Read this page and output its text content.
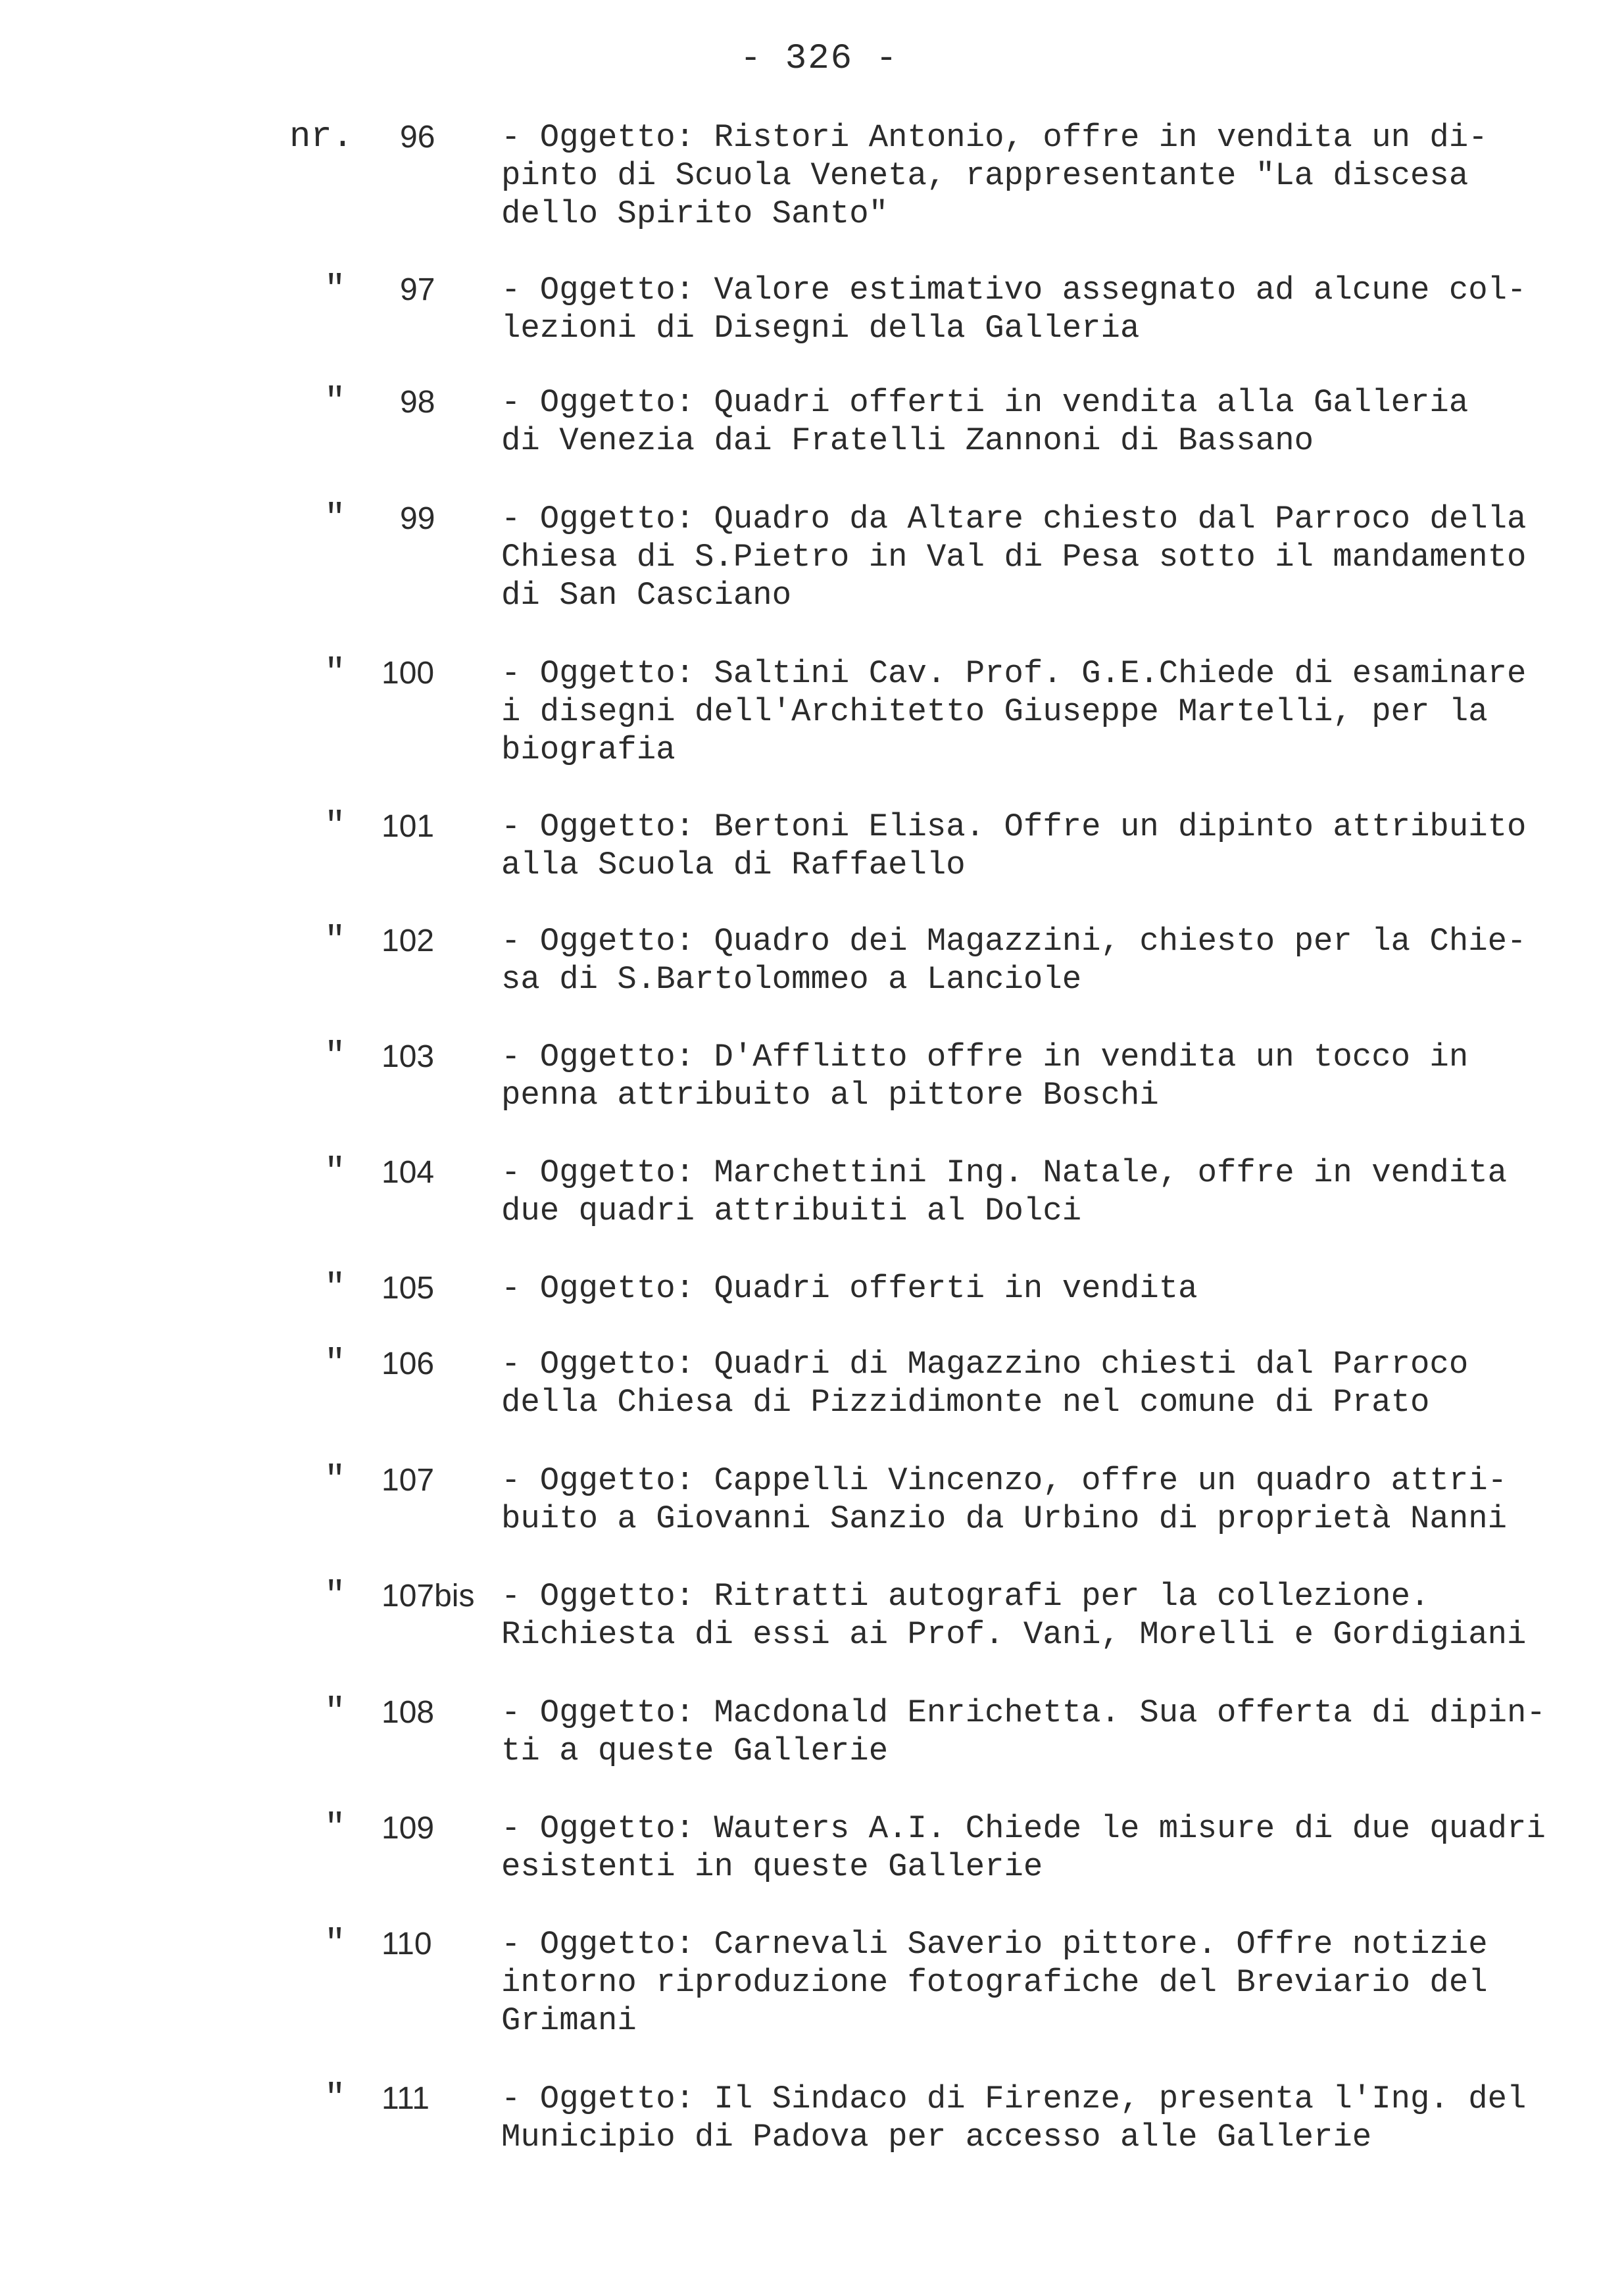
- 326 -
nr.	96 - Oggetto: Ristori Antonio, offre in vendita un di-
pinto di Scuola Veneta, rappresentante "La discesa
dello Spirito Santo"
"	97 - Oggetto: Valore estimativo assegnato ad alcune col-
lezioni di Disegni della Galleria
"	98 - Oggetto: Quadri offerti in vendita alla Galleria
di Venezia dai Fratelli Zannoni di Bassano
"	99 - Oggetto: Quadro da Altare chiesto dal Parroco della
Chiesa di S.Pietro in Val di Pesa sotto il mandamento
di San Casciano
"	100 - Oggetto: Saltini Cav. Prof. G.E.Chiede di esaminare
i disegni dell'Architetto Giuseppe Martelli, per la
biografia
"	101 - Oggetto: Bertoni Elisa. Offre un dipinto attribuito
alla Scuola di Raffaello
"	102 - Oggetto: Quadro dei Magazzini, chiesto per la Chie-
sa di S.Bartolommeo a Lanciole
"	103 - Oggetto: D'Afflitto offre in vendita un tocco in
penna attribuito al pittore Boschi
"	104 - Oggetto: Marchettini Ing. Natale, offre in vendita
due quadri attribuiti al Dolci
"	105 - Oggetto: Quadri offerti in vendita
"	106 - Oggetto: Quadri di Magazzino chiesti dal Parroco
della Chiesa di Pizzidimonte nel comune di Prato
"	107 - Oggetto: Cappelli Vincenzo, offre un quadro attri-
buito a Giovanni Sanzio da Urbino di proprietà Nanni
"	107bis - Oggetto: Ritratti autografi per la collezione.
Richiesta di essi ai Prof. Vani, Morelli e Gordigiani
"	108 - Oggetto: Macdonald Enrichetta. Sua offerta di dipin-
ti a queste Gallerie
"	109 - Oggetto: Wauters A.I. Chiede le misure di due quadri
esistenti in queste Gallerie
"	110 - Oggetto: Carnevali Saverio pittore. Offre notizie
intorno riproduzione fotografiche del Breviario del
Grimani
"	111 - Oggetto: Il Sindaco di Firenze, presenta l'Ing. del
Municipio di Padova per accesso alle Gallerie
